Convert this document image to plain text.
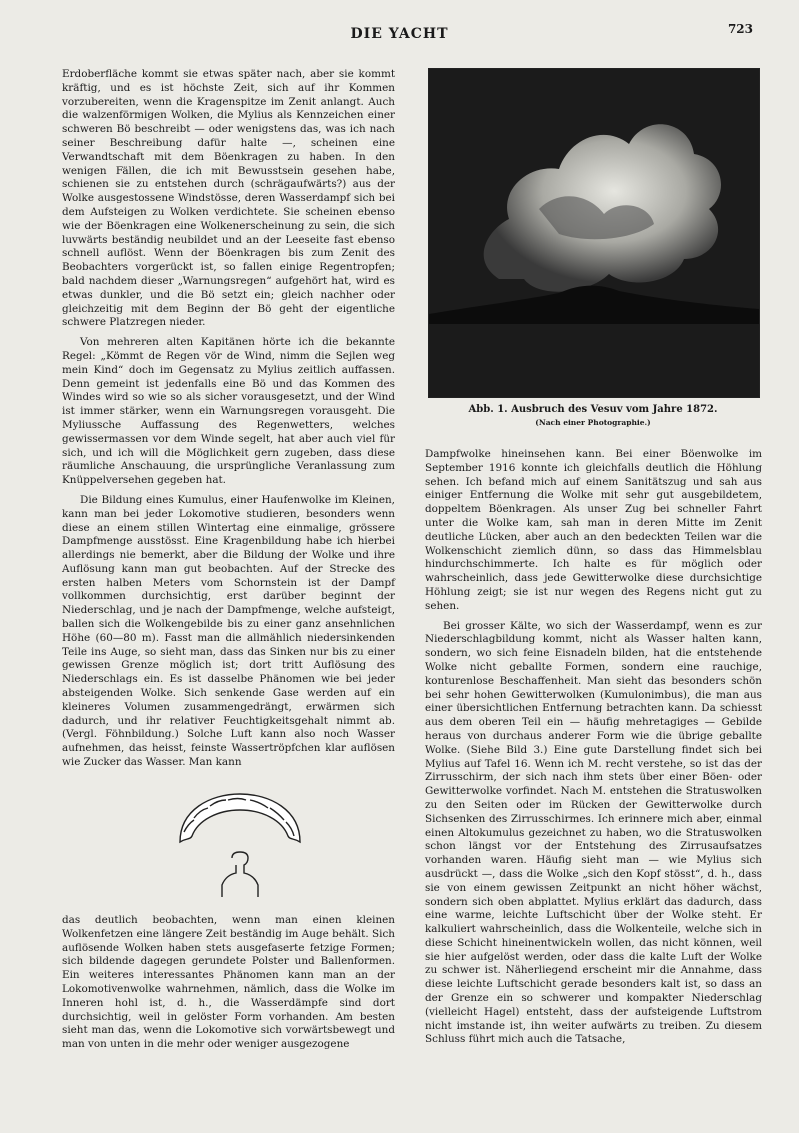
DIE YACHT	723

Erdoberfläche kommt sie etwas später nach, aber sie kommt kräftig, und es ist höchste Zeit, sich auf ihr Kommen vorzubereiten, wenn die Kragenspitze im Zenit anlangt. Auch die walzenförmigen Wolken, die Mylius als Kennzeichen einer schweren Bö beschreibt — oder wenigstens das, was ich nach seiner Beschreibung dafür halte —, scheinen eine Verwandtschaft mit dem Böenkragen zu haben. In den wenigen Fällen, die ich mit Bewusstsein gesehen habe, schienen sie zu entstehen durch (schrägaufwärts?) aus der Wolke ausgestossene Windstösse, deren Wasserdampf sich bei dem Aufsteigen zu Wolken verdichtete. Sie scheinen ebenso wie der Böenkragen eine Wolkenerscheinung zu sein, die sich luvwärts beständig neubildet und an der Leeseite fast ebenso schnell auflöst. Wenn der Böenkragen bis zum Zenit des Beobachters vorgerückt ist, so fallen einige Regentropfen; bald nachdem dieser „Warnungsregen“ aufgehört hat, wird es etwas dunkler, und die Bö setzt ein; gleich nachher oder gleichzeitig mit dem Beginn der Bö geht der eigentliche schwere Platzregen nieder.

Von mehreren alten Kapitänen hörte ich die bekannte Regel: „Kömmt de Regen vör de Wind, nimm die Sejlen weg mein Kind“ doch im Gegensatz zu Mylius zeitlich auffassen. Denn gemeint ist jedenfalls eine Bö und das Kommen des Windes wird so wie so als sicher vorausgesetzt, und der Wind ist immer stärker, wenn ein Warnungsregen vorausgeht. Die Myliussche Auffassung des Regenwetters, welches gewissermassen vor dem Winde segelt, hat aber auch viel für sich, und ich will die Möglichkeit gern zugeben, dass diese räumliche Anschauung, die ursprüngliche Veranlassung zum Knüppelversehen gegeben hat.

Die Bildung eines Kumulus, einer Haufenwolke im Kleinen, kann man bei jeder Lokomotive studieren, besonders wenn diese an einem stillen Wintertag eine einmalige, grössere Dampfmenge ausstösst. Eine Kragenbildung habe ich hierbei allerdings nie bemerkt, aber die Bildung der Wolke und ihre Auflösung kann man gut beobachten. Auf der Strecke des ersten halben Meters vom Schornstein ist der Dampf vollkommen durchsichtig, erst darüber beginnt der Niederschlag, und je nach der Dampfmenge, welche aufsteigt, ballen sich die Wolkengebilde bis zu einer ganz ansehnlichen Höhe (60—80 m). Fasst man die allmählich niedersinkenden Teile ins Auge, so sieht man, dass das Sinken nur bis zu einer gewissen Grenze möglich ist; dort tritt Auflösung des Niederschlags ein. Es ist dasselbe Phänomen wie bei jeder absteigenden Wolke. Sich senkende Gase werden auf ein kleineres Volumen zusammengedrängt, erwärmen sich dadurch, und ihr relativer Feuchtigkeitsgehalt nimmt ab. (Vergl. Föhnbildung.) Solche Luft kann also noch Wasser aufnehmen, das heisst, feinste Wassertröpfchen klar auflösen wie Zucker das Wasser. Man kann

das deutlich beobachten, wenn man einen kleinen Wolkenfetzen eine längere Zeit beständig im Auge behält. Sich auflösende Wolken haben stets ausgefaserte fetzige Formen; sich bildende dagegen gerundete Polster und Ballenformen. Ein weiteres interessantes Phänomen kann man an der Lokomotivenwolke wahrnehmen, nämlich, dass die Wolke im Inneren hohl ist, d. h., die Wasserdämpfe sind dort durchsichtig, weil in gelöster Form vorhanden. Am besten sieht man das, wenn die Lokomotive sich vorwärtsbewegt und man von unten in die mehr oder weniger ausgezogene

Abb. 1. Ausbruch des Vesuv vom Jahre 1872.
(Nach einer Photographie.)

Dampfwolke hineinsehen kann. Bei einer Böenwolke im September 1916 konnte ich gleichfalls deutlich die Höhlung sehen. Ich befand mich auf einem Sanitätszug und sah aus einiger Entfernung die Wolke mit sehr gut ausgebildetem, doppeltem Böenkragen. Als unser Zug bei schneller Fahrt unter die Wolke kam, sah man in deren Mitte im Zenit deutliche Lücken, aber auch an den bedeckten Teilen war die Wolkenschicht ziemlich dünn, so dass das Himmelsblau hindurchschimmerte. Ich halte es für möglich oder wahrscheinlich, dass jede Gewitterwolke diese durchsichtige Höhlung zeigt; sie ist nur wegen des Regens nicht gut zu sehen.

Bei grosser Kälte, wo sich der Wasserdampf, wenn es zur Niederschlagbildung kommt, nicht als Wasser halten kann, sondern, wo sich feine Eisnadeln bilden, hat die entstehende Wolke nicht geballte Formen, sondern eine rauchige, konturenlose Beschaffenheit. Man sieht das besonders schön bei sehr hohen Gewitterwolken (Kumulonimbus), die man aus einer übersichtlichen Entfernung betrachten kann. Da schiesst aus dem oberen Teil ein — häufig mehretagiges — Gebilde heraus von durchaus anderer Form wie die übrige geballte Wolke. (Siehe Bild 3.) Eine gute Darstellung findet sich bei Mylius auf Tafel 16. Wenn ich M. recht verstehe, so ist das der Zirrusschirm, der sich nach ihm stets über einer Böen- oder Gewitterwolke vorfindet. Nach M. entstehen die Stratuswolken zu den Seiten oder im Rücken der Gewitterwolke durch Sichsenken des Zirrusschirmes. Ich erinnere mich aber, einmal einen Altokumulus gezeichnet zu haben, wo die Stratuswolken schon längst vor der Entstehung des Zirrusaufsatzes vorhanden waren. Häufig sieht man — wie Mylius sich ausdrückt —, dass die Wolke „sich den Kopf stösst“, d. h., dass sie von einem gewissen Zeitpunkt an nicht höher wächst, sondern sich oben abplattet. Mylius erklärt das dadurch, dass eine warme, leichte Luftschicht über der Wolke steht. Er kalkuliert wahrscheinlich, dass die Wolkenteile, welche sich in diese Schicht hineinentwickeln wollen, das nicht können, weil sie hier aufgelöst werden, oder dass die kalte Luft der Wolke zu schwer ist. Näherliegend erscheint mir die Annahme, dass diese leichte Luftschicht gerade besonders kalt ist, so dass an der Grenze ein so schwerer und kompakter Niederschlag (vielleicht Hagel) entsteht, dass der aufsteigende Luftstrom nicht imstande ist, ihn weiter aufwärts zu treiben. Zu diesem Schluss führt mich auch die Tatsache,
